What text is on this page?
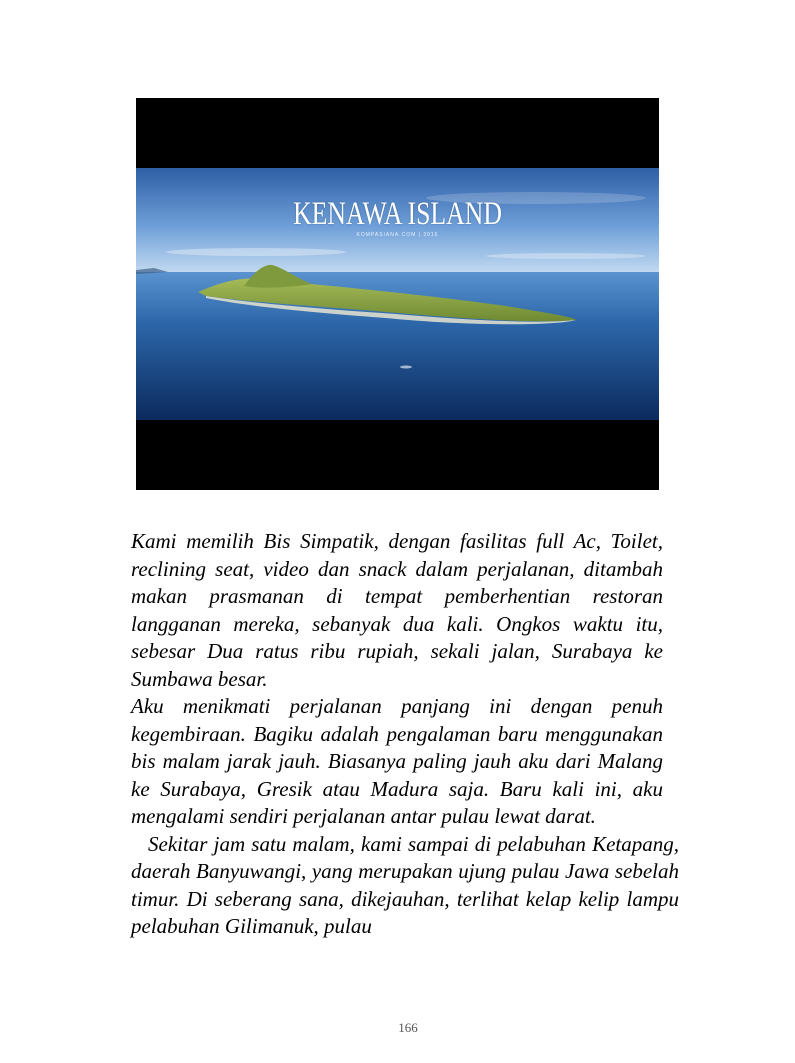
KENAWA ISLAND
KOMPASIANA.COM | 2016

Kami memilih Bis Simpatik, dengan fasilitas full Ac, Toilet, reclining seat, video dan snack dalam perjalanan, ditambah makan prasmanan di tempat pemberhentian restoran langganan mereka, sebanyak dua kali. Ongkos waktu itu, sebesar Dua ratus ribu rupiah, sekali jalan, Surabaya ke Sumbawa besar.

Aku menikmati perjalanan panjang ini dengan penuh kegembiraan. Bagiku adalah pengalaman baru menggunakan bis malam jarak jauh. Biasanya paling jauh aku dari Malang ke Surabaya, Gresik atau Madura saja. Baru kali ini, aku mengalami sendiri perjalanan antar pulau lewat darat.

Sekitar jam satu malam, kami sampai di pelabuhan Ketapang, daerah Banyuwangi, yang merupakan ujung pulau Jawa sebelah timur. Di seberang sana, dikejauhan, terlihat kelap kelip lampu pelabuhan Gilimanuk, pulau

166
